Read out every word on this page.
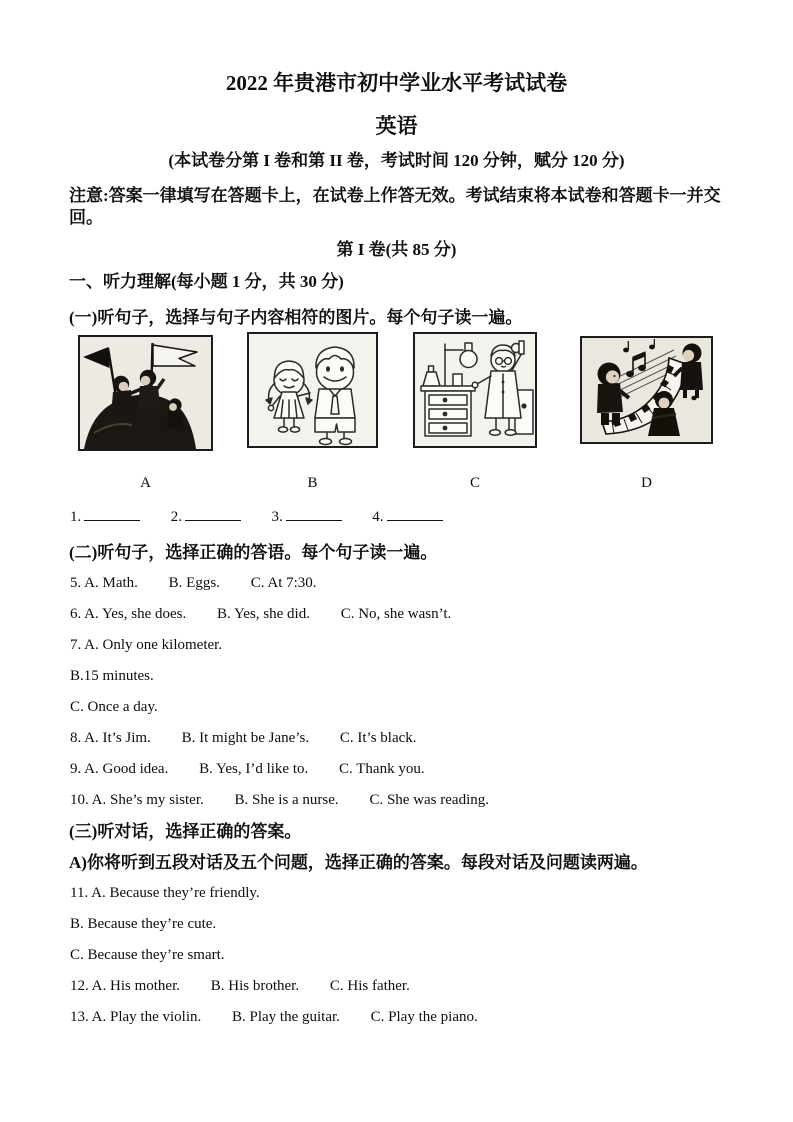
2022 年贵港市初中学业水平考试试卷
英语
(本试卷分第 I 卷和第 II 卷，考试时间 120 分钟，赋分 120 分)
注意:答案一律填写在答题卡上，在试卷上作答无效。考试结束将本试卷和答题卡一并交回。
第 I 卷(共 85 分)
一、听力理解(每小题 1 分，共 30 分)
(一)听句子，选择与句子内容相符的图片。每个句子读一遍。
A	B	C	D
1.	2.	3.	4.
(二)听句子，选择正确的答语。每个句子读一遍。
5. A. Math. B. Eggs. C. At 7:30.
6. A. Yes, she does. B. Yes, she did. C. No, she wasn’t.
7. A. Only one kilometer.
B.15 minutes.
C. Once a day.
8. A. It’s Jim. B. It might be Jane’s. C. It’s black.
9. A. Good idea. B. Yes, I’d like to. C. Thank you.
10. A. She’s my sister. B. She is a nurse. C. She was reading.
(三)听对话，选择正确的答案。
A)你将听到五段对话及五个问题，选择正确的答案。每段对话及问题读两遍。
11. A. Because they’re friendly.
B. Because they’re cute.
C. Because they’re smart.
12. A. His mother. B. His brother. C. His father.
13. A. Play the violin. B. Play the guitar. C. Play the piano.
